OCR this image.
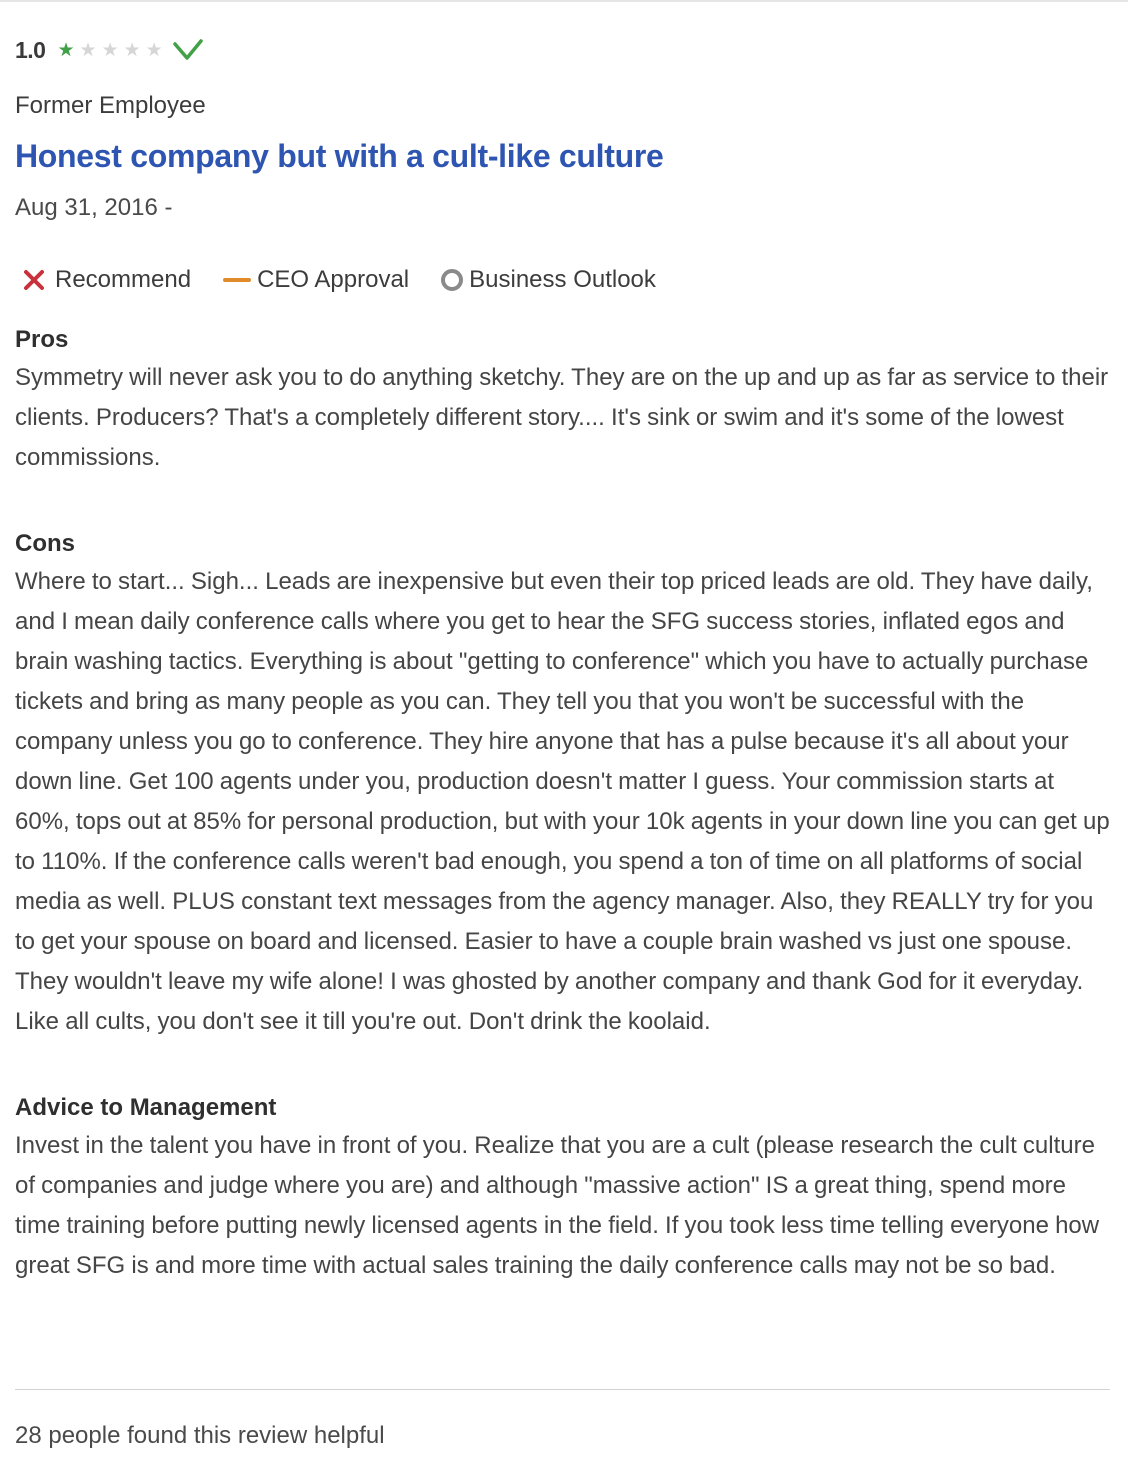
1.0 ★ ★ ★ ★ ★
Former Employee
Honest company but with a cult-like culture
Aug 31, 2016 -
Recommend	CEO Approval	Business Outlook
Pros
Symmetry will never ask you to do anything sketchy. They are on the up and up as far as service to their clients. Producers? That's a completely different story.... It's sink or swim and it's some of the lowest commissions.
Cons
Where to start... Sigh... Leads are inexpensive but even their top priced leads are old. They have daily, and I mean daily conference calls where you get to hear the SFG success stories, inflated egos and brain washing tactics. Everything is about "getting to conference" which you have to actually purchase tickets and bring as many people as you can. They tell you that you won't be successful with the company unless you go to conference. They hire anyone that has a pulse because it's all about your down line. Get 100 agents under you, production doesn't matter I guess. Your commission starts at 60%, tops out at 85% for personal production, but with your 10k agents in your down line you can get up to 110%. If the conference calls weren't bad enough, you spend a ton of time on all platforms of social media as well. PLUS constant text messages from the agency manager. Also, they REALLY try for you to get your spouse on board and licensed. Easier to have a couple brain washed vs just one spouse. They wouldn't leave my wife alone! I was ghosted by another company and thank God for it everyday. Like all cults, you don't see it till you're out. Don't drink the koolaid.
Advice to Management
Invest in the talent you have in front of you. Realize that you are a cult (please research the cult culture of companies and judge where you are) and although "massive action" IS a great thing, spend more time training before putting newly licensed agents in the field. If you took less time telling everyone how great SFG is and more time with actual sales training the daily conference calls may not be so bad.
28 people found this review helpful
